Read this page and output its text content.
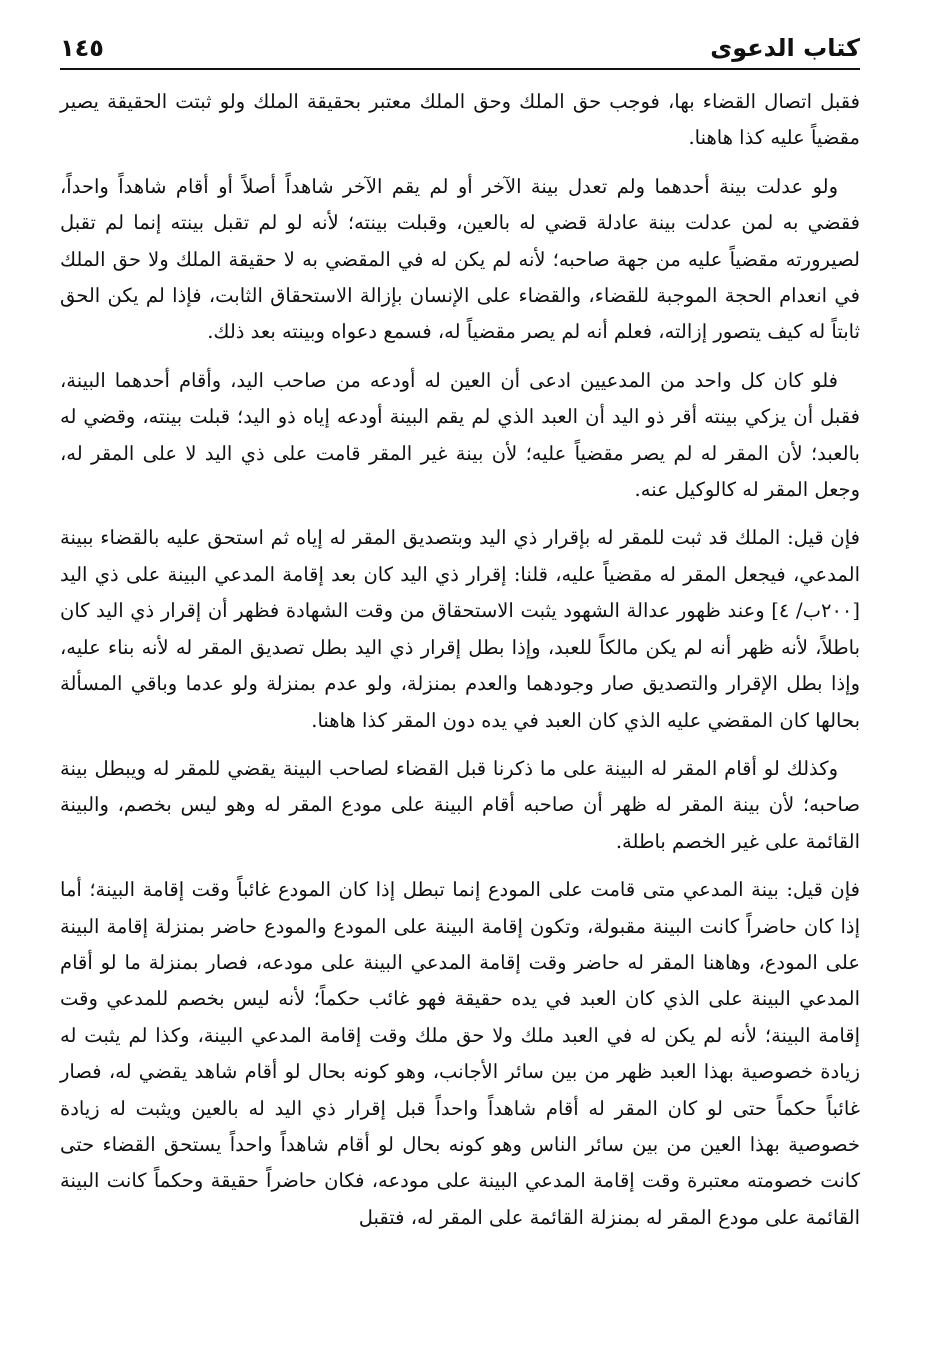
كتاب الدعوى
١٤٥

فقبل اتصال القضاء بها، فوجب حق الملك وحق الملك معتبر بحقيقة الملك ولو ثبتت الحقيقة يصير مقضياً عليه كذا هاهنا.

ولو عدلت بينة أحدهما ولم تعدل بينة الآخر أو لم يقم الآخر شاهداً أصلاً أو أقام شاهداً واحداً، فقضي به لمن عدلت بينة عادلة قضي له بالعين، وقبلت بينته؛ لأنه لو لم تقبل بينته إنما لم تقبل لصيرورته مقضياً عليه من جهة صاحبه؛ لأنه لم يكن له في المقضي به لا حقيقة الملك ولا حق الملك في انعدام الحجة الموجبة للقضاء، والقضاء على الإنسان بإزالة الاستحقاق الثابت، فإذا لم يكن الحق ثابتاً له كيف يتصور إزالته، فعلم أنه لم يصر مقضياً له، فسمع دعواه وبينته بعد ذلك.

فلو كان كل واحد من المدعيين ادعى أن العين له أودعه من صاحب اليد، وأقام أحدهما البينة، فقبل أن يزكي بينته أقر ذو اليد أن العبد الذي لم يقم البينة أودعه إياه ذو اليد؛ قبلت بينته، وقضي له بالعبد؛ لأن المقر له لم يصر مقضياً عليه؛ لأن بينة غير المقر قامت على ذي اليد لا على المقر له، وجعل المقر له كالوكيل عنه.

فإن قيل: الملك قد ثبت للمقر له بإقرار ذي اليد وبتصديق المقر له إياه ثم استحق عليه بالقضاء ببينة المدعي، فيجعل المقر له مقضياً عليه، قلنا: إقرار ذي اليد كان بعد إقامة المدعي البينة على ذي اليد [٢٠٠ب/ ٤] وعند ظهور عدالة الشهود يثبت الاستحقاق من وقت الشهادة فظهر أن إقرار ذي اليد كان باطلاً، لأنه ظهر أنه لم يكن مالكاً للعبد، وإذا بطل إقرار ذي اليد بطل تصديق المقر له لأنه بناء عليه، وإذا بطل الإقرار والتصديق صار وجودهما والعدم بمنزلة، ولو عدم بمنزلة ولو عدما وباقي المسألة بحالها كان المقضي عليه الذي كان العبد في يده دون المقر كذا هاهنا.

وكذلك لو أقام المقر له البينة على ما ذكرنا قبل القضاء لصاحب البينة يقضي للمقر له ويبطل بينة صاحبه؛ لأن بينة المقر له ظهر أن صاحبه أقام البينة على مودع المقر له وهو ليس بخصم، والبينة القائمة على غير الخصم باطلة.

فإن قيل: بينة المدعي متى قامت على المودع إنما تبطل إذا كان المودع غائباً وقت إقامة البينة؛ أما إذا كان حاضراً كانت البينة مقبولة، وتكون إقامة البينة على المودع والمودع حاضر بمنزلة إقامة البينة على المودع، وهاهنا المقر له حاضر وقت إقامة المدعي البينة على مودعه، فصار بمنزلة ما لو أقام المدعي البينة على الذي كان العبد في يده حقيقة فهو غائب حكماً؛ لأنه ليس بخصم للمدعي وقت إقامة البينة؛ لأنه لم يكن له في العبد ملك ولا حق ملك وقت إقامة المدعي البينة، وكذا لم يثبت له زيادة خصوصية بهذا العبد ظهر من بين سائر الأجانب، وهو كونه بحال لو أقام شاهد يقضي له، فصار غائباً حكماً حتى لو كان المقر له أقام شاهداً واحداً قبل إقرار ذي اليد له بالعين ويثبت له زيادة خصوصية بهذا العين من بين سائر الناس وهو كونه بحال لو أقام شاهداً واحداً يستحق القضاء حتى كانت خصومته معتبرة وقت إقامة المدعي البينة على مودعه، فكان حاضراً حقيقة وحكماً كانت البينة القائمة على مودع المقر له بمنزلة القائمة على المقر له، فتقبل
